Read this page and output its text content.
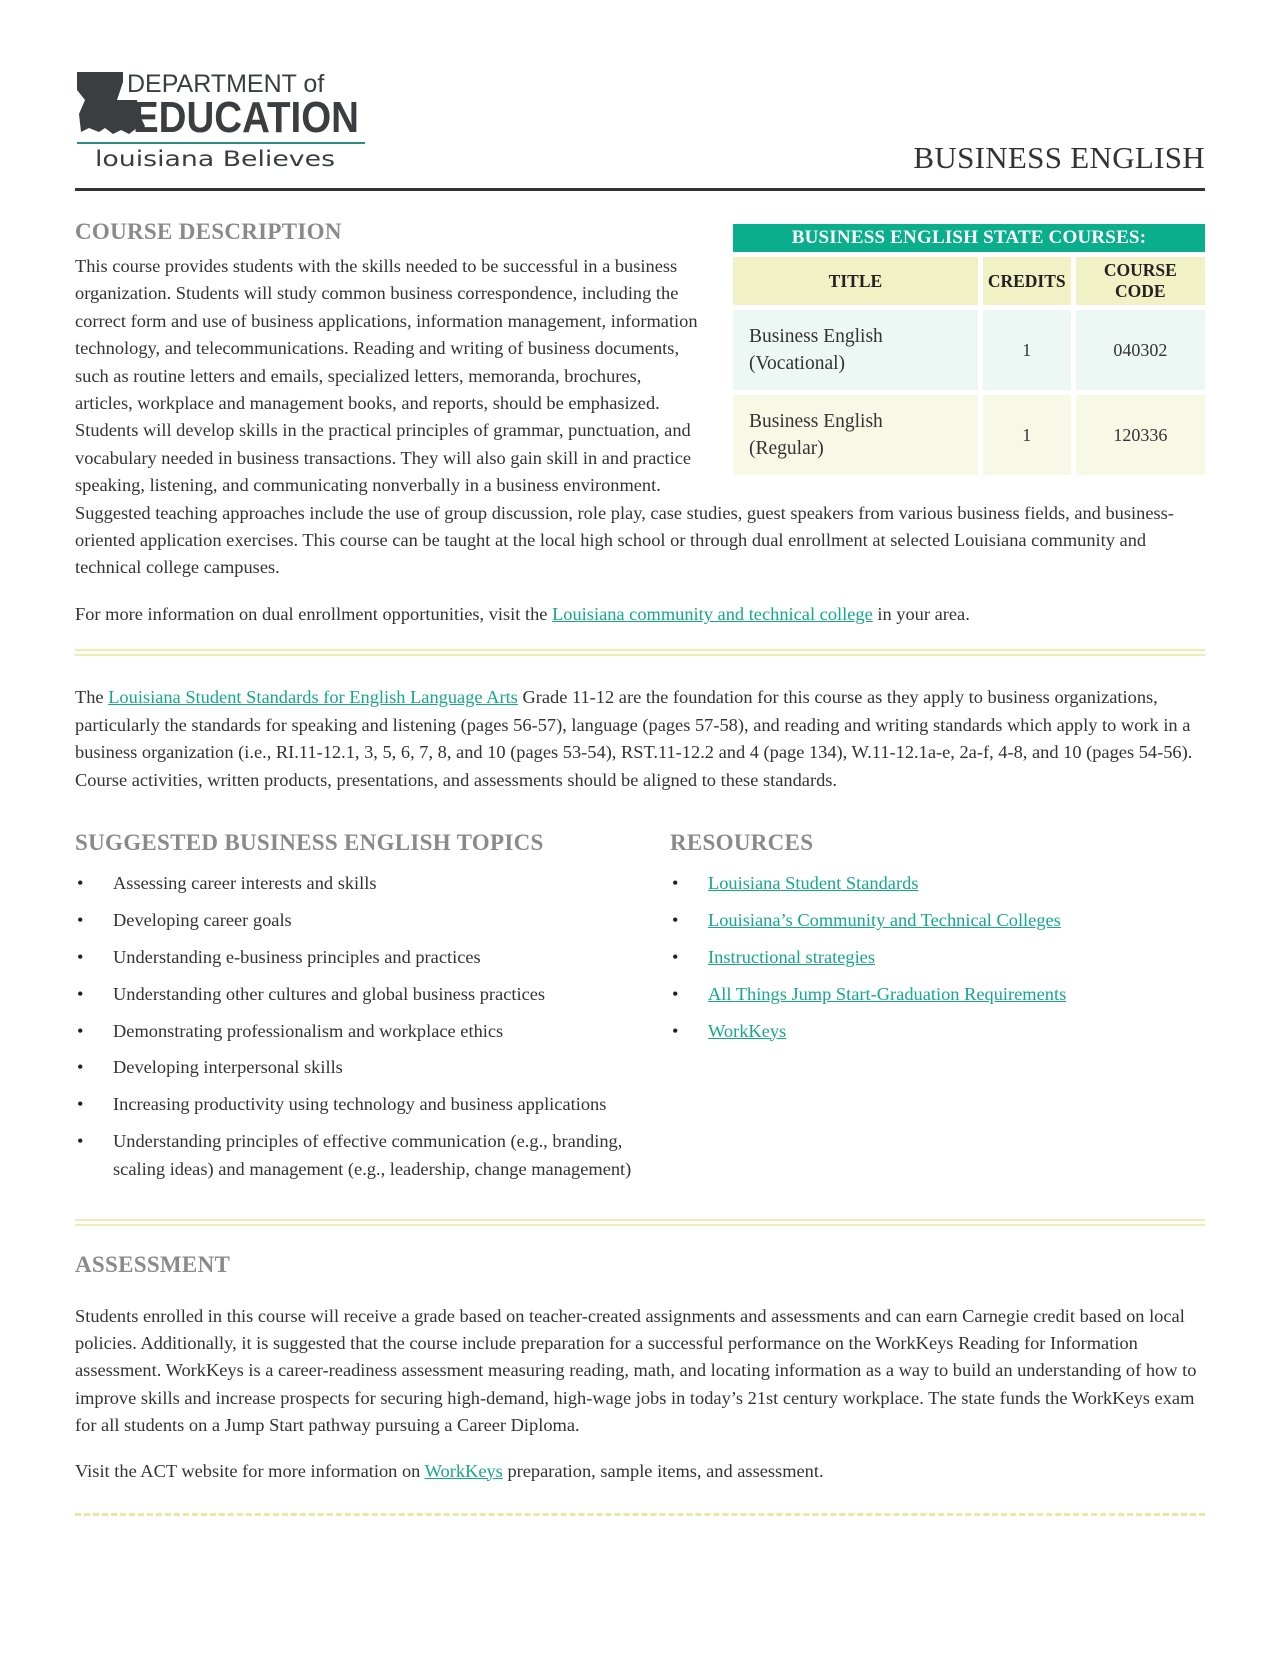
DEPARTMENT of
EDUCATION
louisiana Believes	BUSINESS ENGLISH
BUSINESS ENGLISH STATE COURSES:		
TITLE	CREDITS	COURSE CODE
Business English
(Vocational)	1	040302
Business English
(Regular)	1	120336
COURSE DESCRIPTION

This course provides students with the skills needed to be successful in a business organization. Students will study common business correspondence, including the correct form and use of business applications, information management, information technology, and telecommunications. Reading and writing of business documents, such as routine letters and emails, specialized letters, memoranda, brochures, articles, workplace and management books, and reports, should be emphasized. Students will develop skills in the practical principles of grammar, punctuation, and vocabulary needed in business transactions. They will also gain skill in and practice speaking, listening, and communicating nonverbally in a business environment. Suggested teaching approaches include the use of group discussion, role play, case studies, guest speakers from various business fields, and business-oriented application exercises. This course can be taught at the local high school or through dual enrollment at selected Louisiana community and technical college campuses.

For more information on dual enrollment opportunities, visit the Louisiana community and technical college in your area.

The Louisiana Student Standards for English Language Arts Grade 11-12 are the foundation for this course as they apply to business organizations, particularly the standards for speaking and listening (pages 56-57), language (pages 57-58), and reading and writing standards which apply to work in a business organization (i.e., RI.11-12.1, 3, 5, 6, 7, 8, and 10 (pages 53-54), RST.11-12.2 and 4 (page 134), W.11-12.1a-e, 2a-f, 4-8, and 10 (pages 54-56). Course activities, written products, presentations, and assessments should be aligned to these standards.

SUGGESTED BUSINESS ENGLISH TOPICS
• Assessing career interests and skills
• Developing career goals
• Understanding e-business principles and practices
• Understanding other cultures and global business practices
• Demonstrating professionalism and workplace ethics
• Developing interpersonal skills
• Increasing productivity using technology and business applications
• Understanding principles of effective communication (e.g., branding, scaling ideas) and management (e.g., leadership, change management)
RESOURCES
• Louisiana Student Standards
• Louisiana’s Community and Technical Colleges
• Instructional strategies
• All Things Jump Start-Graduation Requirements
• WorkKeys
ASSESSMENT

Students enrolled in this course will receive a grade based on teacher-created assignments and assessments and can earn Carnegie credit based on local policies. Additionally, it is suggested that the course include preparation for a successful performance on the WorkKeys Reading for Information assessment. WorkKeys is a career-readiness assessment measuring reading, math, and locating information as a way to build an understanding of how to improve skills and increase prospects for securing high-demand, high-wage jobs in today’s 21st century workplace. The state funds the WorkKeys exam for all students on a Jump Start pathway pursuing a Career Diploma.

Visit the ACT website for more information on WorkKeys preparation, sample items, and assessment.
